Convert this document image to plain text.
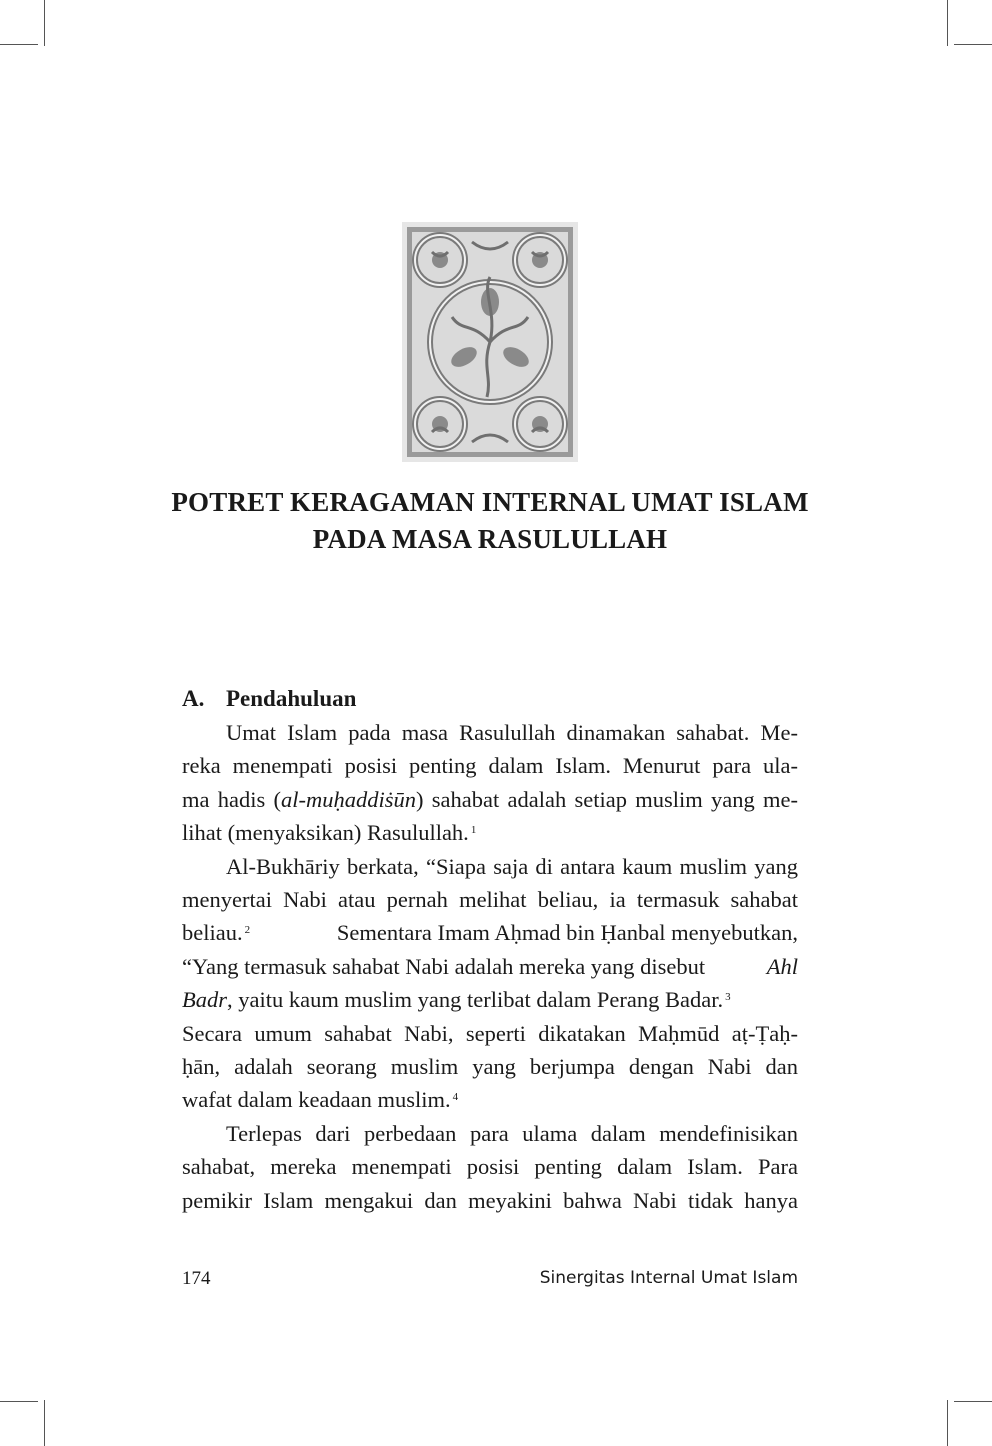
POTRET KERAGAMAN INTERNAL UMAT ISLAM
PADA MASA RASULULLAH
A. Pendahuluan
Umat Islam pada masa Rasulullah dinamakan sahabat. Me-
reka menempati posisi penting dalam Islam. Menurut para ula-
ma hadis (al-muḥaddiṡūn) sahabat adalah setiap muslim yang me-
lihat (menyaksikan) Rasulullah.$^1$
Al-Bukhāriy berkata, “Siapa saja di antara kaum muslim yang
menyertai Nabi atau pernah melihat beliau, ia termasuk sahabat
beliau. $^2$	Sementara Imam Aḥmad bin Ḥanbal menyebutkan,
“Yang termasuk sahabat Nabi adalah mereka yang disebut	Ahl
Badr , yaitu kaum muslim yang terlibat dalam Perang Badar.$^3$
Secara umum sahabat Nabi, seperti dikatakan Maḥmūd aṭ-Ṭaḥ-
ḥān, adalah seorang muslim yang berjumpa dengan Nabi dan
wafat dalam keadaan muslim.$^4$
Terlepas dari perbedaan para ulama dalam mendefinisikan
sahabat, mereka menempati posisi penting dalam Islam. Para
pemikir Islam mengakui dan meyakini bahwa Nabi tidak hanya
174	Sinergitas Internal Umat Islam
